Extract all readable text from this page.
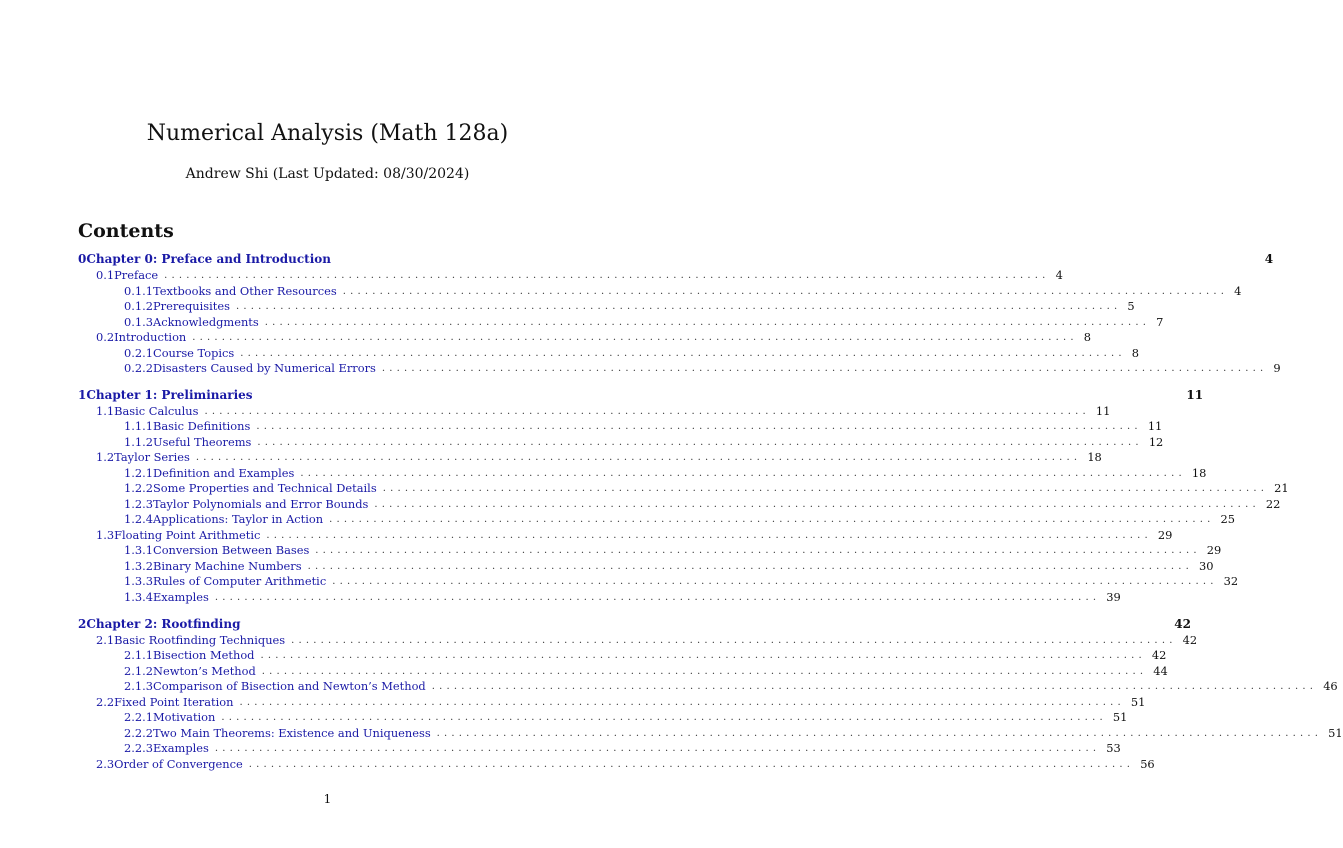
Numerical Analysis (Math 128a)
Andrew Shi (Last Updated: 08/30/2024)
Contents
0 Chapter 0: Preface and Introduction	4
0.1 Preface ........................................................................................................................ 4
0.1.1 Textbooks and Other Resources ........................................................................................................................ 4
0.1.2 Prerequisites ........................................................................................................................ 5
0.1.3 Acknowledgments ........................................................................................................................ 7
0.2 Introduction ........................................................................................................................ 8
0.2.1 Course Topics ........................................................................................................................ 8
0.2.2 Disasters Caused by Numerical Errors ........................................................................................................................ 9
1 Chapter 1: Preliminaries	11
1.1 Basic Calculus ........................................................................................................................ 11
1.1.1 Basic Definitions ........................................................................................................................ 11
1.1.2 Useful Theorems ........................................................................................................................ 12
1.2 Taylor Series ........................................................................................................................ 18
1.2.1 Definition and Examples ........................................................................................................................ 18
1.2.2 Some Properties and Technical Details ........................................................................................................................ 21
1.2.3 Taylor Polynomials and Error Bounds ........................................................................................................................ 22
1.2.4 Applications: Taylor in Action ........................................................................................................................ 25
1.3 Floating Point Arithmetic ........................................................................................................................ 29
1.3.1 Conversion Between Bases ........................................................................................................................ 29
1.3.2 Binary Machine Numbers ........................................................................................................................ 30
1.3.3 Rules of Computer Arithmetic ........................................................................................................................ 32
1.3.4 Examples ........................................................................................................................ 39
2 Chapter 2: Rootfinding	42
2.1 Basic Rootfinding Techniques ........................................................................................................................ 42
2.1.1 Bisection Method ........................................................................................................................ 42
2.1.2 Newton’s Method ........................................................................................................................ 44
2.1.3 Comparison of Bisection and Newton’s Method ........................................................................................................................ 46
2.2 Fixed Point Iteration ........................................................................................................................ 51
2.2.1 Motivation ........................................................................................................................ 51
2.2.2 Two Main Theorems: Existence and Uniqueness ........................................................................................................................ 51
2.2.3 Examples ........................................................................................................................ 53
2.3 Order of Convergence ........................................................................................................................ 56
1
